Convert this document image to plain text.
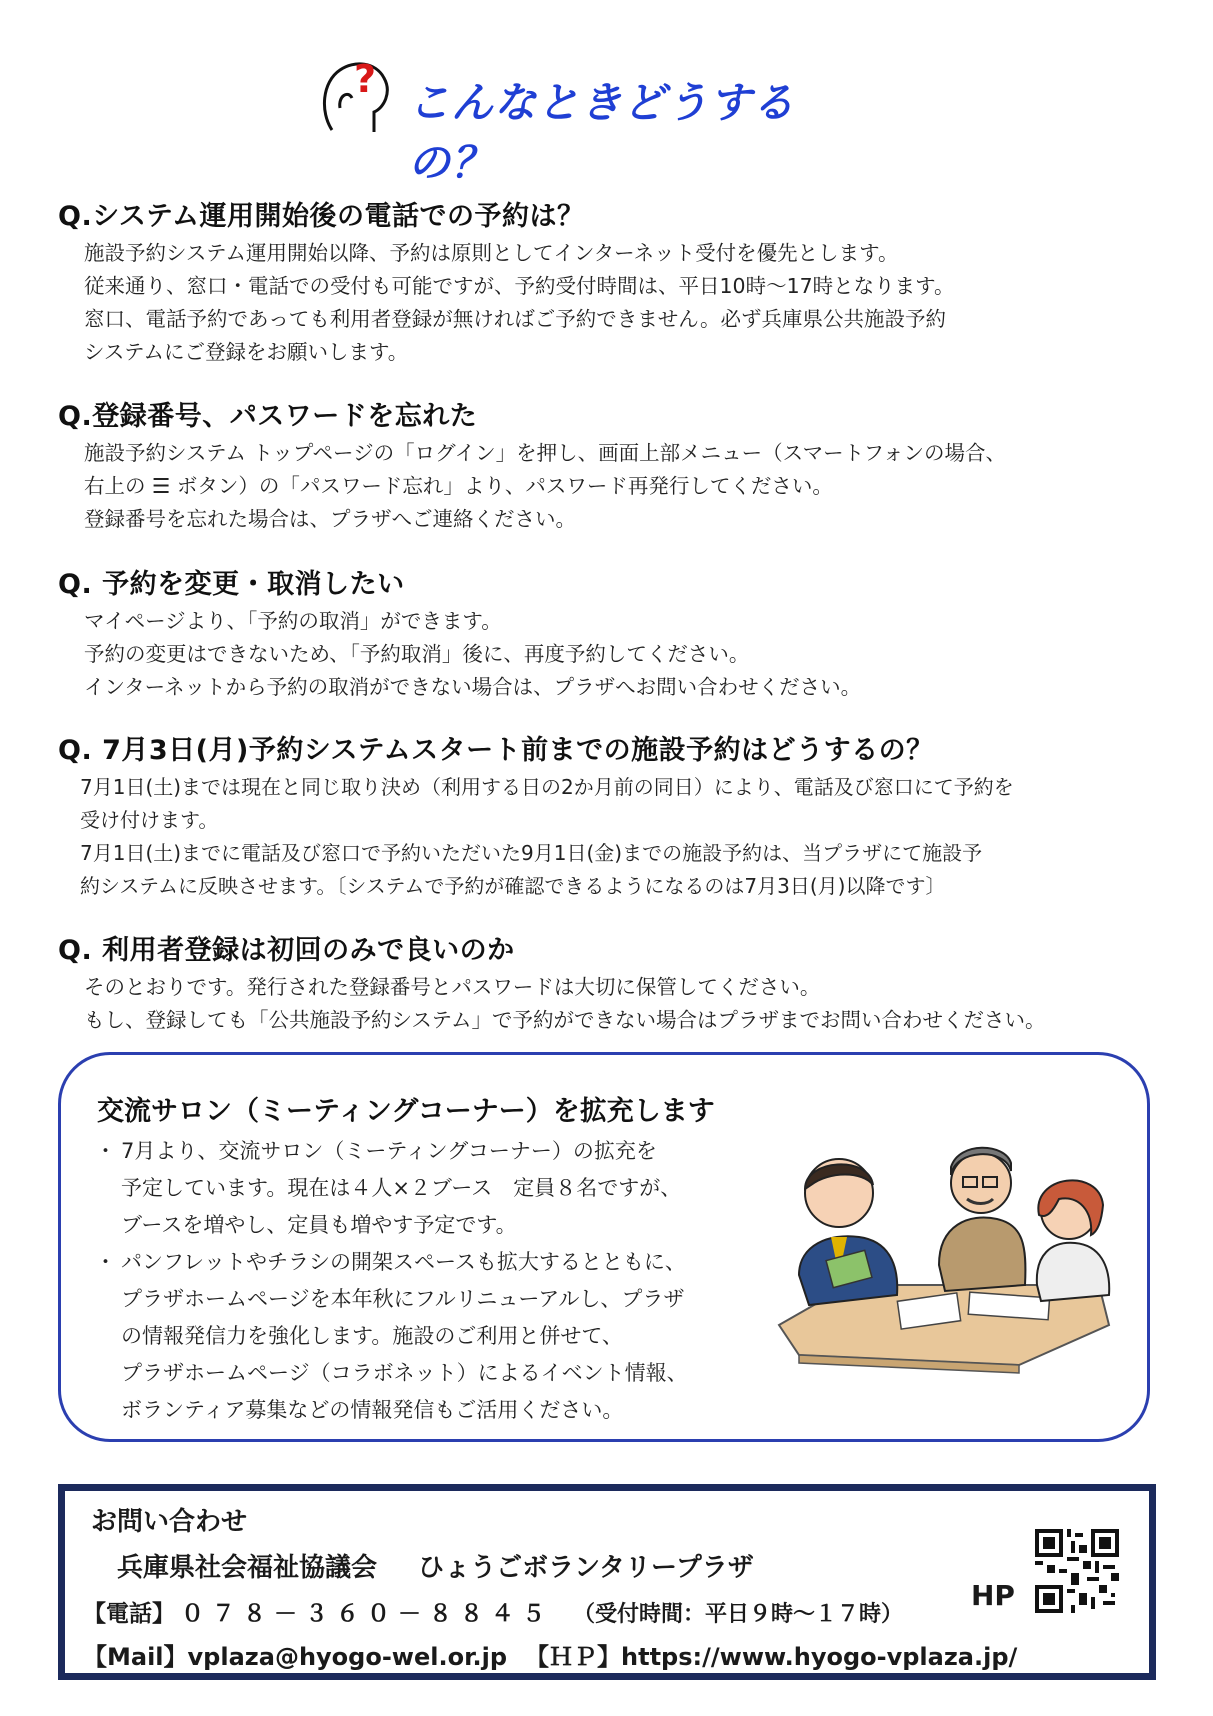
? こんなときどうするの？
Q.システム運用開始後の電話での予約は？
施設予約システム運用開始以降、予約は原則としてインターネット受付を優先とします。
従来通り、窓口・電話での受付も可能ですが、予約受付時間は、平日10時～17時となります。
窓口、電話予約であっても利用者登録が無ければご予約できません。必ず兵庫県公共施設予約
システムにご登録をお願いします。
Q.登録番号、パスワードを忘れた
施設予約システム トップページの「ログイン」を押し、画面上部メニュー（スマートフォンの場合、
右上の ☰ ボタン）の「パスワード忘れ」より、パスワード再発行してください。
登録番号を忘れた場合は、プラザへご連絡ください。
Q. 予約を変更・取消したい
マイページより、「予約の取消」ができます。
予約の変更はできないため、「予約取消」後に、再度予約してください。
インターネットから予約の取消ができない場合は、プラザへお問い合わせください。
Q. 7月3日(月)予約システムスタート前までの施設予約はどうするの？
7月1日(土)までは現在と同じ取り決め（利用する日の2か月前の同日）により、電話及び窓口にて予約を
受け付けます。
7月1日(土)までに電話及び窓口で予約いただいた9月1日(金)までの施設予約は、当プラザにて施設予
約システムに反映させます。〔システムで予約が確認できるようになるのは7月3日(月)以降です〕
Q. 利用者登録は初回のみで良いのか
そのとおりです。発行された登録番号とパスワードは大切に保管してください。
もし、登録しても「公共施設予約システム」で予約ができない場合はプラザまでお問い合わせください。
交流サロン（ミーティングコーナー）を拡充します
・ 7月より、交流サロン（ミーティングコーナー）の拡充を
予定しています。現在は４人×２ブース　定員８名ですが、
ブースを増やし、定員も増やす予定です。
・ パンフレットやチラシの開架スペースも拡大するとともに、
プラザホームページを本年秋にフルリニューアルし、プラザ
の情報発信力を強化します。施設のご利用と併せて、
プラザホームページ（コラボネット）によるイベント情報、
ボランティア募集などの情報発信もご活用ください。
お問い合わせ
兵庫県社会福祉協議会 ひょうごボランタリープラザ
【電話】 ０７８－３６０－８８４５ （受付時間：平日９時～１７時）
【Mail】vplaza@hyogo-wel.or.jp 【ＨＰ】https://www.hyogo-vplaza.jp/
HP
